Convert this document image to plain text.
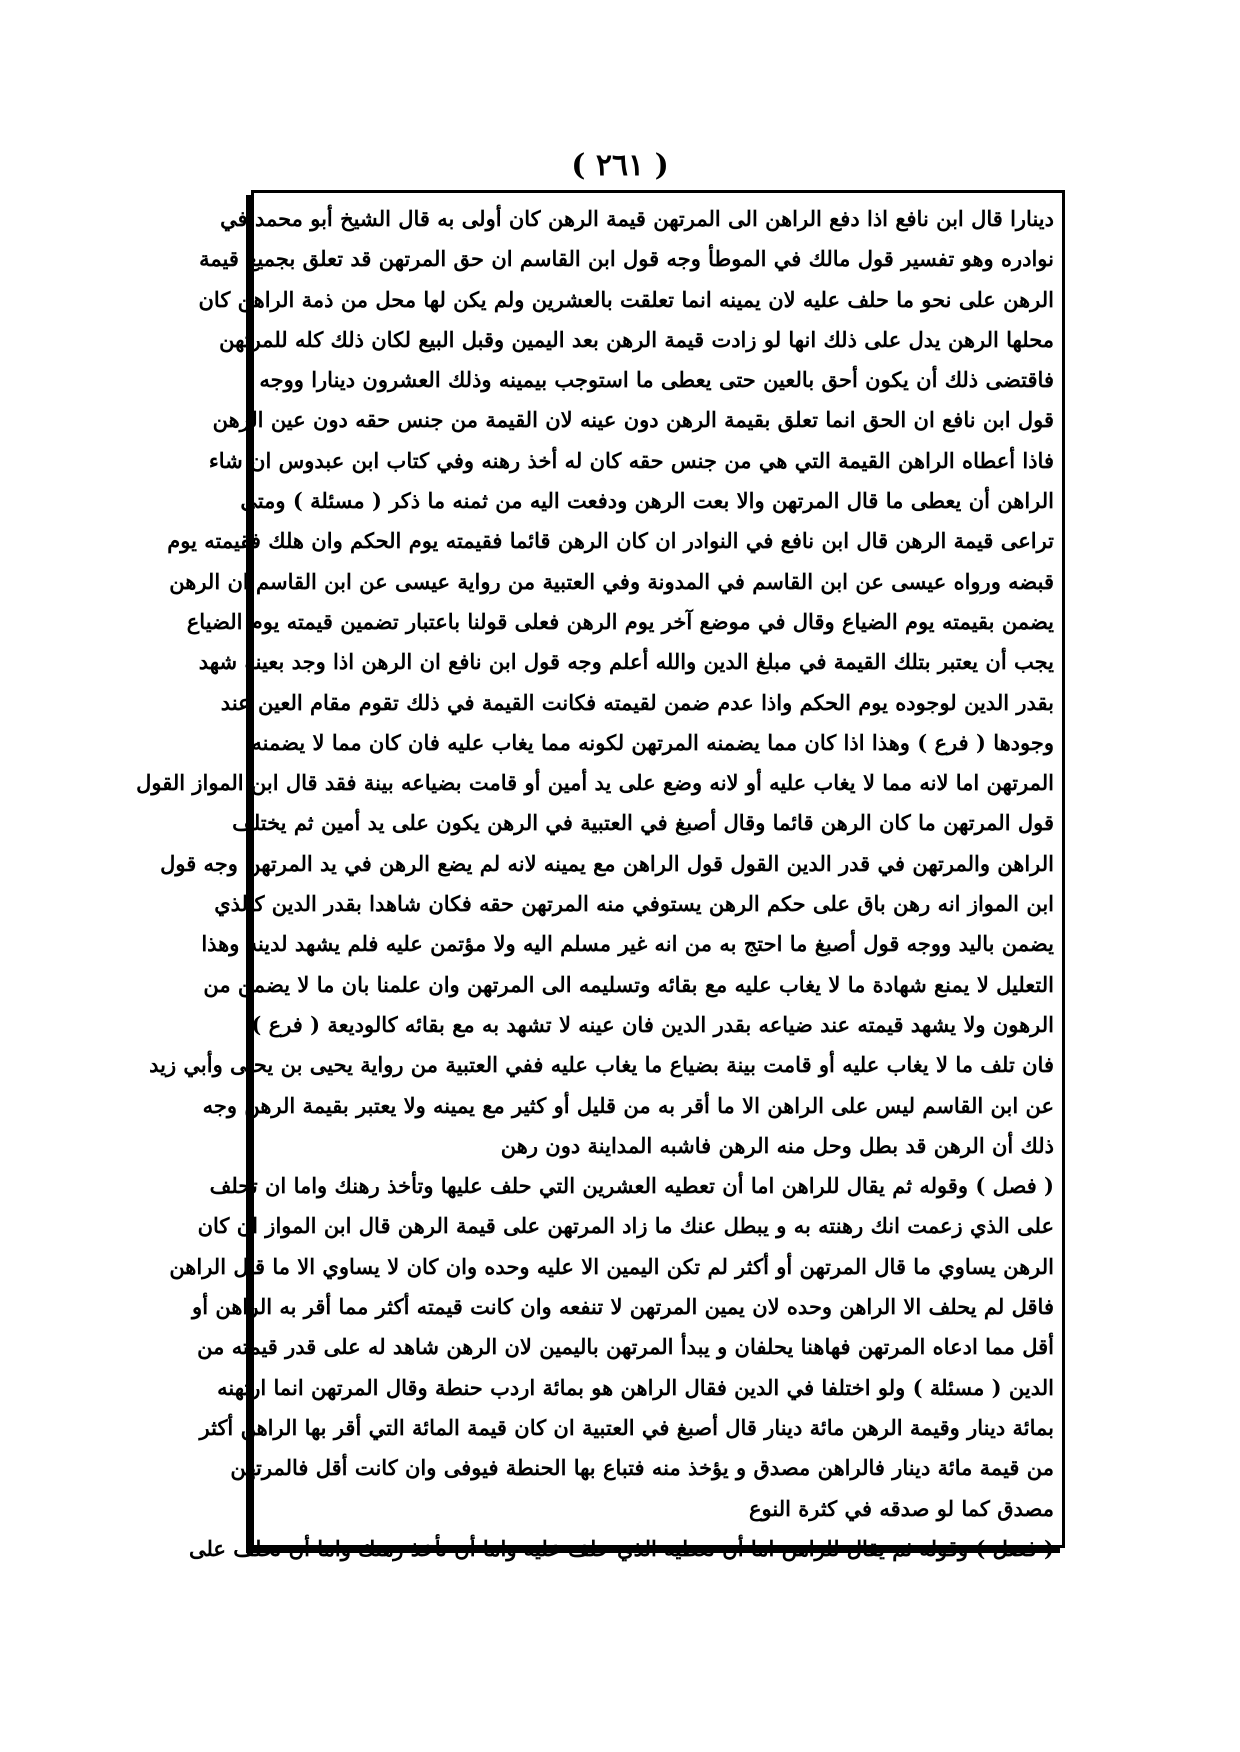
( ٢٦١ )
دينارا قال ابن نافع اذا دفع الراهن الى المرتهن قيمة الرهن كان أولى به قال الشيخ أبو محمد في
نوادره وهو تفسير قول مالك في الموطأ وجه قول ابن القاسم ان حق المرتهن قد تعلق بجميع قيمة
الرهن على نحو ما حلف عليه لان يمينه انما تعلقت بالعشرين ولم يكن لها محل من ذمة الراهن كان
محلها الرهن يدل على ذلك انها لو زادت قيمة الرهن بعد اليمين وقبل البيع لكان ذلك كله للمرتهن
فاقتضى ذلك أن يكون أحق بالعين حتى يعطى ما استوجب بيمينه وذلك العشرون دينارا ووجه
قول ابن نافع ان الحق انما تعلق بقيمة الرهن دون عينه لان القيمة من جنس حقه دون عين الرهن
فاذا أعطاه الراهن القيمة التي هي من جنس حقه كان له أخذ رهنه وفي كتاب ابن عبدوس ان شاء
الراهن أن يعطى ما قال المرتهن والا بعت الرهن ودفعت اليه من ثمنه ما ذكر ( مسئلة ) ومتى
تراعى قيمة الرهن قال ابن نافع في النوادر ان كان الرهن قائما فقيمته يوم الحكم وان هلك فقيمته يوم
قبضه ورواه عيسى عن ابن القاسم في المدونة وفي العتبية من رواية عيسى عن ابن القاسم ان الرهن
يضمن بقيمته يوم الضياع وقال في موضع آخر يوم الرهن فعلى قولنا باعتبار تضمين قيمته يوم الضياع
يجب أن يعتبر بتلك القيمة في مبلغ الدين والله أعلم وجه قول ابن نافع ان الرهن اذا وجد بعينه شهد
بقدر الدين لوجوده يوم الحكم واذا عدم ضمن لقيمته فكانت القيمة في ذلك تقوم مقام العين عند
وجودها ( فرع ) وهذا اذا كان مما يضمنه المرتهن لكونه مما يغاب عليه فان كان مما لا يضمنه
المرتهن اما لانه مما لا يغاب عليه أو لانه وضع على يد أمين أو قامت بضياعه بينة فقد قال ابن المواز القول
قول المرتهن ما كان الرهن قائما وقال أصبغ في العتبية في الرهن يكون على يد أمين ثم يختلف
الراهن والمرتهن في قدر الدين القول قول الراهن مع يمينه لانه لم يضع الرهن في يد المرتهن وجه قول
ابن المواز انه رهن باق على حكم الرهن يستوفي منه المرتهن حقه فكان شاهدا بقدر الدين كالذي
يضمن باليد ووجه قول أصبغ ما احتج به من انه غير مسلم اليه ولا مؤتمن عليه فلم يشهد لدينه وهذا
التعليل لا يمنع شهادة ما لا يغاب عليه مع بقائه وتسليمه الى المرتهن وان علمنا بان ما لا يضمن من
الرهون ولا يشهد قيمته عند ضياعه بقدر الدين فان عينه لا تشهد به مع بقائه كالوديعة ( فرع )
فان تلف ما لا يغاب عليه أو قامت بينة بضياع ما يغاب عليه ففي العتبية من رواية يحيى بن يحيى وأبي زيد
عن ابن القاسم ليس على الراهن الا ما أقر به من قليل أو كثير مع يمينه ولا يعتبر بقيمة الرهن وجه
ذلك أن الرهن قد بطل وحل منه الرهن فاشبه المداينة دون رهن
( فصل ) وقوله ثم يقال للراهن اما أن تعطيه العشرين التي حلف عليها وتأخذ رهنك واما ان تحلف
على الذي زعمت انك رهنته به و يبطل عنك ما زاد المرتهن على قيمة الرهن قال ابن المواز ان كان
الرهن يساوي ما قال المرتهن أو أكثر لم تكن اليمين الا عليه وحده وان كان لا يساوي الا ما قال الراهن
فاقل لم يحلف الا الراهن وحده لان يمين المرتهن لا تنفعه وان كانت قيمته أكثر مما أقر به الراهن أو
أقل مما ادعاه المرتهن فهاهنا يحلفان و يبدأ المرتهن باليمين لان الرهن شاهد له على قدر قيمته من
الدين ( مسئلة ) ولو اختلفا في الدين فقال الراهن هو بمائة اردب حنطة وقال المرتهن انما ارتهنه
بمائة دينار وقيمة الرهن مائة دينار قال أصبغ في العتبية ان كان قيمة المائة التي أقر بها الراهن أكثر
من قيمة مائة دينار فالراهن مصدق و يؤخذ منه فتباع بها الحنطة فيوفى وان كانت أقل فالمرتهن
مصدق كما لو صدقه في كثرة النوع
( فصل ) وقوله ثم يقال للراهن اما أن تعطيه الذي حلف عليه واما أن تأخذ رهنك واما أن تحلف على
